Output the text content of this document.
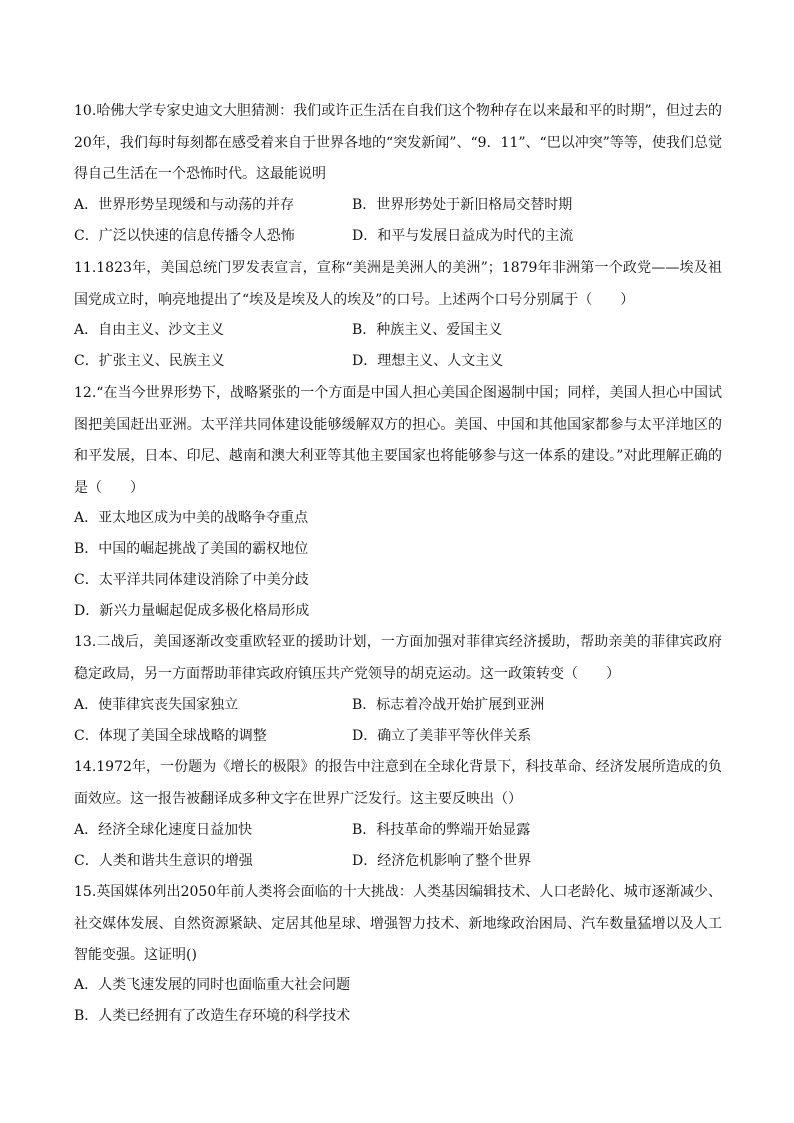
10.哈佛大学专家史迪文大胆猜测：我们或许正生活在自我们这个物种存在以来最和平的时期”，但过去的20年，我们每时每刻都在感受着来自于世界各地的“突发新闻”、“9．11”、“巴以冲突”等等，使我们总觉得自己生活在一个恐怖时代。这最能说明

A．世界形势呈现缓和与动荡的并存	B．世界形势处于新旧格局交替时期
C．广泛以快速的信息传播令人恐怖	D．和平与发展日益成为时代的主流

11.1823年，美国总统门罗发表宣言，宣称“美洲是美洲人的美洲”；1879年非洲第一个政党——埃及祖国党成立时，响亮地提出了“埃及是埃及人的埃及”的口号。上述两个口号分别属于（　　）

A．自由主义、沙文主义	B．种族主义、爱国主义
C．扩张主义、民族主义	D．理想主义、人文主义

12.“在当今世界形势下，战略紧张的一个方面是中国人担心美国企图遏制中国；同样，美国人担心中国试图把美国赶出亚洲。太平洋共同体建设能够缓解双方的担心。美国、中国和其他国家都参与太平洋地区的和平发展，日本、印尼、越南和澳大利亚等其他主要国家也将能够参与这一体系的建设。”对此理解正确的是（　　）

A．亚太地区成为中美的战略争夺重点
B．中国的崛起挑战了美国的霸权地位
C．太平洋共同体建设消除了中美分歧
D．新兴力量崛起促成多极化格局形成

13.二战后，美国逐渐改变重欧轻亚的援助计划，一方面加强对菲律宾经济援助，帮助亲美的菲律宾政府稳定政局，另一方面帮助菲律宾政府镇压共产党领导的胡克运动。这一政策转变（　　）

A．使菲律宾丧失国家独立	B．标志着冷战开始扩展到亚洲
C．体现了美国全球战略的调整	D．确立了美菲平等伙伴关系

14.1972年，一份题为《增长的极限》的报告中注意到在全球化背景下，科技革命、经济发展所造成的负面效应。这一报告被翻译成多种文字在世界广泛发行。这主要反映出（）

A．经济全球化速度日益加快	B．科技革命的弊端开始显露
C．人类和谐共生意识的增强	D．经济危机影响了整个世界

15.英国媒体列出2050年前人类将会面临的十大挑战：人类基因编辑技术、人口老龄化、城市逐渐减少、社交媒体发展、自然资源紧缺、定居其他星球、增强智力技术、新地缘政治困局、汽车数量猛增以及人工智能变强。这证明()

A．人类飞速发展的同时也面临重大社会问题
B．人类已经拥有了改造生存环境的科学技术
